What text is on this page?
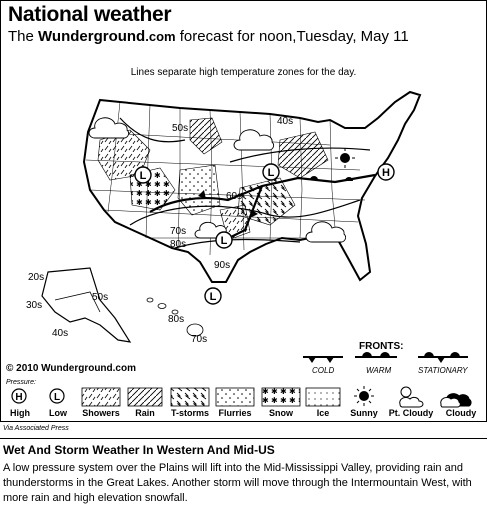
National weather
The Wunderground.com forecast for noon,Tuesday, May 11
Lines separate high temperature zones for the day.
L	L
L
L
H
H	L
40s
50s
60s
70s
80s
90s
20s
30s
50s
40s
80s
70s
© 2010 Wunderground.com
FRONTS:
COLD	WARM	STATIONARY
Pressure:
High	Low	Showers	Rain	T-storms	Flurries	Snow	Ice	Sunny Pt. Cloudy	Cloudy
Via Associated Press
Wet And Storm Weather In Western And Mid-US
A low pressure system over the Plains will lift into the Mid-Mississippi Valley, providing rain and thunderstorms in the Great Lakes. Another storm will move through the Intermountain West, with more rain and high elevation snowfall.
